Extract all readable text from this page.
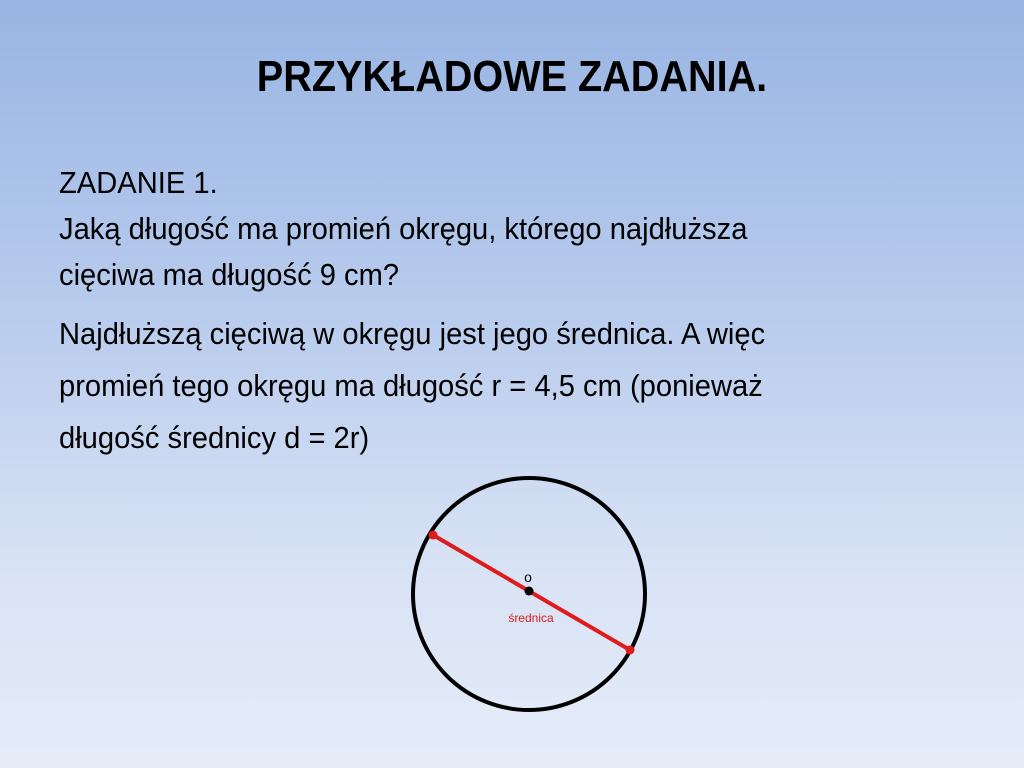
PRZYKŁADOWE ZADANIA.

ZADANIE 1.

Jaką długość ma promień okręgu, którego najdłuższa

cięciwa ma długość 9 cm?

Najdłuższą cięciwą w okręgu jest jego średnica. A więc

promień tego okręgu ma długość r = 4,5 cm (ponieważ

długość średnicy d = 2r)

o
średnica
